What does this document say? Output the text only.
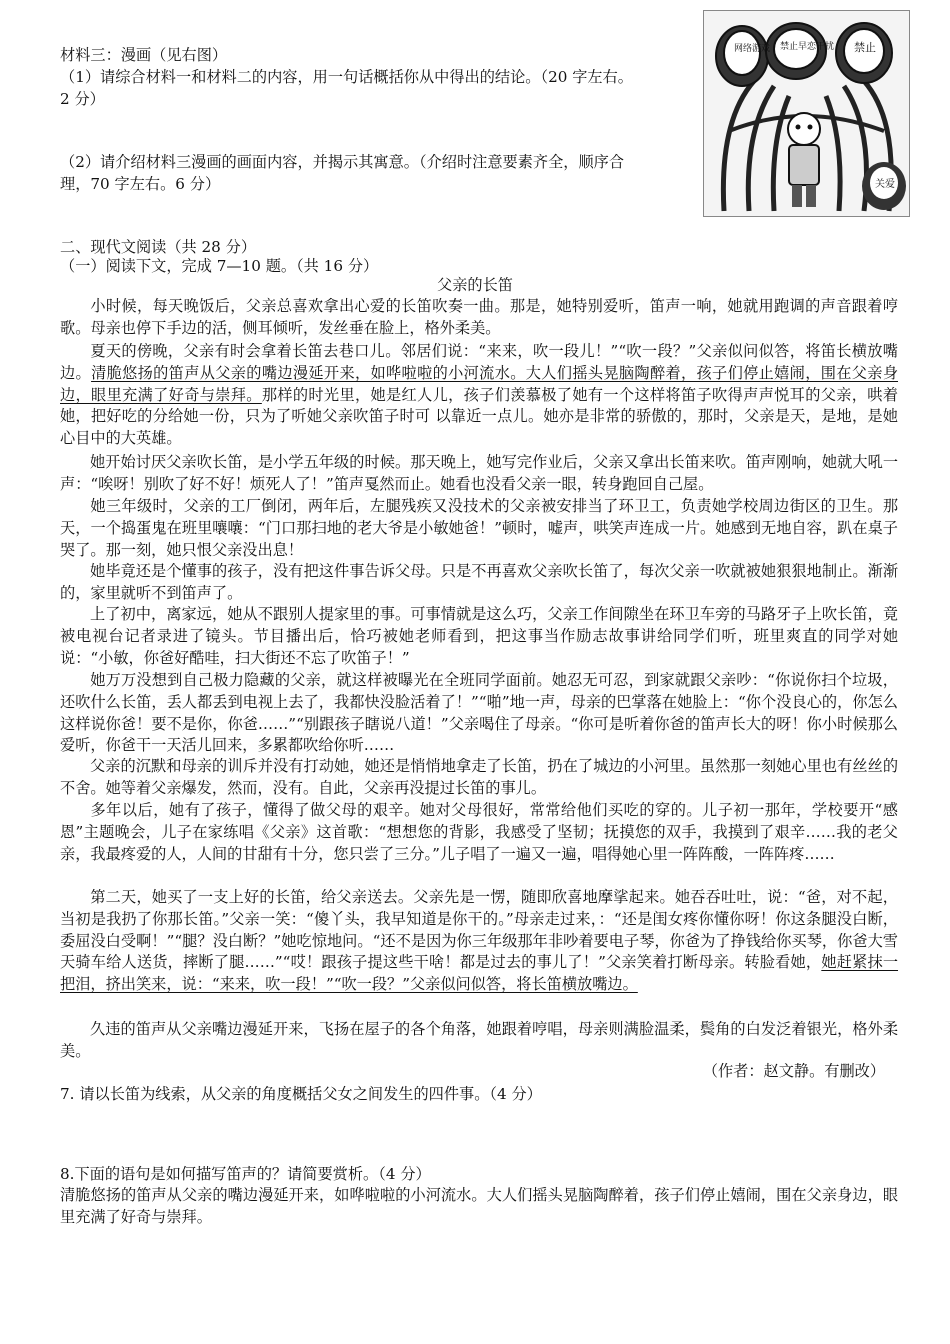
材料三：漫画（见右图）
（1）请综合材料一和材料二的内容，用一句话概括你从中得出的结论。（20 字左右。
2 分）
（2）请介绍材料三漫画的画面内容，并揭示其寓意。（介绍时注意要素齐全，顺序合
理，70 字左右。6 分）
网络游戏 禁止早恋干扰 禁止
关爱
二、现代文阅读（共 28 分）
（一）阅读下文，完成 7—10 题。（共 16 分）
父亲的长笛
小时候，每天晚饭后，父亲总喜欢拿出心爱的长笛吹奏一曲。那是，她特别爱听，笛声一响，她就用跑调的声音跟着哼歌。母亲也停下手边的活，侧耳倾听，发丝垂在脸上，格外柔美。
夏天的傍晚，父亲有时会拿着长笛去巷口儿。邻居们说：“来来，吹一段儿！”“吹一段？”父亲似问似答，将笛长横放嘴边。清脆悠扬的笛声从父亲的嘴边漫延开来，如哗啦啦的小河流水。大人们摇头晃脑陶醉着，孩子们停止嬉闹，围在父亲身边，眼里充满了好奇与崇拜。那样的时光里，她是红人儿，孩子们羡慕极了她有一个这样将笛子吹得声声悦耳的父亲，哄着她，把好吃的分给她一份，只为了听她父亲吹笛子时可 以靠近一点儿。她亦是非常的骄傲的，那时，父亲是天，是地，是她心目中的大英雄。
她开始讨厌父亲吹长笛，是小学五年级的时候。那天晚上，她写完作业后，父亲又拿出长笛来吹。笛声刚响，她就大吼一声：“唉呀！别吹了好不好！烦死人了！”笛声戛然而止。她看也没看父亲一眼，转身跑回自己屋。
她三年级时，父亲的工厂倒闭，两年后，左腿残疾又没技术的父亲被安排当了环卫工，负责她学校周边街区的卫生。那天，一个捣蛋鬼在班里嚷嚷：“门口那扫地的老大爷是小敏她爸！”顿时，嘘声，哄笑声连成一片。她感到无地自容，趴在桌子哭了。那一刻，她只恨父亲没出息！
她毕竟还是个懂事的孩子，没有把这件事告诉父母。只是不再喜欢父亲吹长笛了，每次父亲一吹就被她狠狠地制止。渐渐的，家里就听不到笛声了。
上了初中，离家远，她从不跟别人提家里的事。可事情就是这么巧，父亲工作间隙坐在环卫车旁的马路牙子上吹长笛，竟被电视台记者录进了镜头。节目播出后，恰巧被她老师看到，把这事当作励志故事讲给同学们听，班里爽直的同学对她说：“小敏，你爸好酷哇，扫大街还不忘了吹笛子！”
她万万没想到自己极力隐藏的父亲，就这样被曝光在全班同学面前。她忍无可忍，到家就跟父亲吵：“你说你扫个垃圾，还吹什么长笛，丢人都丢到电视上去了，我都快没脸活着了！”“啪”地一声，母亲的巴掌落在她脸上：“你个没良心的，你怎么这样说你爸！要不是你，你爸……”“别跟孩子瞎说八道！”父亲喝住了母亲。“你可是听着你爸的笛声长大的呀！你小时候那么爱听，你爸干一天活儿回来，多累都吹给你听……
父亲的沉默和母亲的训斥并没有打动她，她还是悄悄地拿走了长笛，扔在了城边的小河里。虽然那一刻她心里也有丝丝的不舍。她等着父亲爆发，然而，没有。自此，父亲再没提过长笛的事儿。
多年以后，她有了孩子，懂得了做父母的艰辛。她对父母很好，常常给他们买吃的穿的。儿子初一那年，学校要开“感恩”主题晚会，儿子在家练唱《父亲》这首歌：“想想您的背影，我感受了坚韧；抚摸您的双手，我摸到了艰辛……我的老父亲，我最疼爱的人，人间的甘甜有十分，您只尝了三分。”儿子唱了一遍又一遍，唱得她心里一阵阵酸，一阵阵疼……
第二天，她买了一支上好的长笛，给父亲送去。父亲先是一愣，随即欣喜地摩挲起来。她吞吞吐吐，说：“爸，对不起，当初是我扔了你那长笛。”父亲一笑：“傻丫头，我早知道是你干的。”母亲走过来，：“还是闺女疼你懂你呀！你这条腿没白断，委屈没白受啊！”“腿？没白断？”她吃惊地问。“还不是因为你三年级那年非吵着要电子琴，你爸为了挣钱给你买琴，你爸大雪天骑车给人送货，摔断了腿……”“哎！跟孩子提这些干啥！都是过去的事儿了！”父亲笑着打断母亲。转脸看她，她赶紧抹一把泪，挤出笑来，说：“来来，吹一段！”“吹一段？”父亲似问似答，将长笛横放嘴边。
久违的笛声从父亲嘴边漫延开来，飞扬在屋子的各个角落，她跟着哼唱，母亲则满脸温柔，鬓角的白发泛着银光，格外柔美。
（作者：赵文静。有删改）
7. 请以长笛为线索，从父亲的角度概括父女之间发生的四件事。（4 分）
8.下面的语句是如何描写笛声的？请简要赏析。（4 分）
清脆悠扬的笛声从父亲的嘴边漫延开来，如哗啦啦的小河流水。大人们摇头晃脑陶醉着，孩子们停止嬉闹，围在父亲身边，眼里充满了好奇与崇拜。
